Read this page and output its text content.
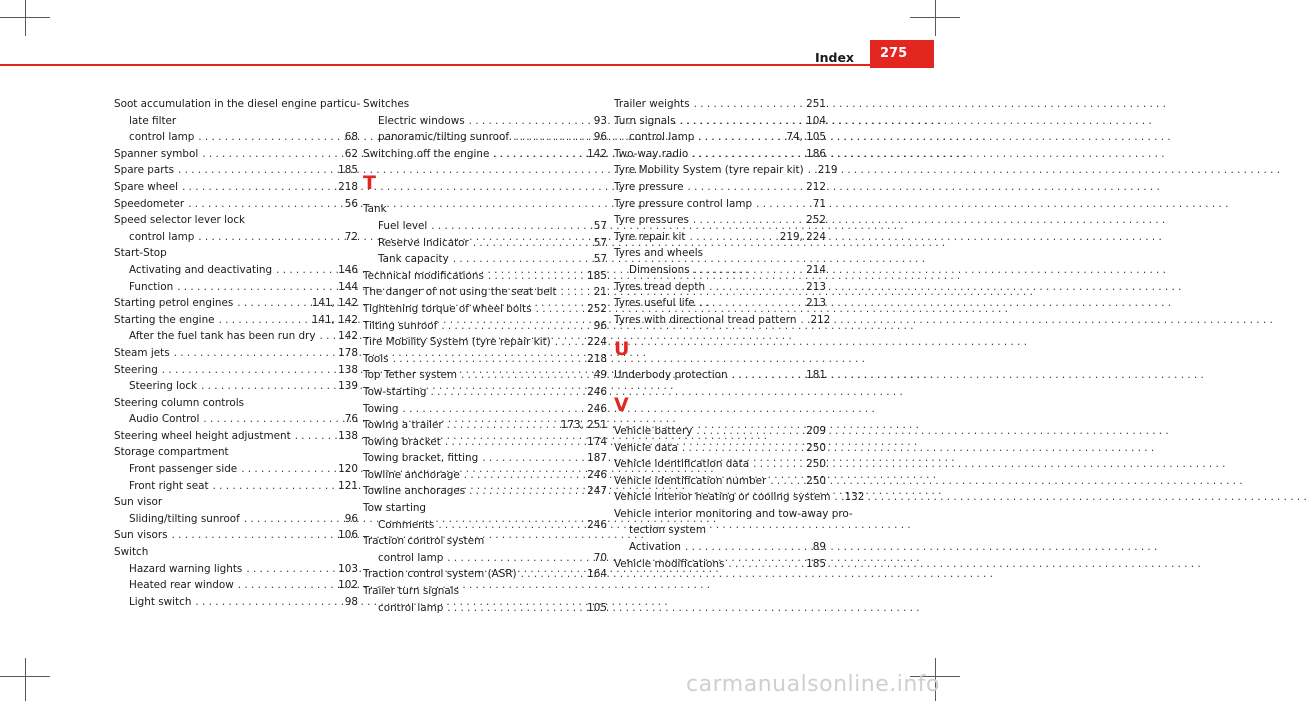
Index	275
Soot accumulation in the diesel engine particu-
late filter
control lamp . . .	68
Spanner symbol . . .	62
Spare parts . . .	185
Spare wheel . . .	218
Speedometer . . .	56
Speed selector lever lock
control lamp . . .	72
Start-Stop
Activating and deactivating . . .	146
Function . . .	144
Starting petrol engines . . .	141, 142
Starting the engine . . .	141, 142
After the fuel tank has been run dry . . .	142
Steam jets . . .	178
Steering . . .	138
Steering lock . . .	139
Steering column controls
Audio Control . . .	76
Steering wheel height adjustment . . .	138
Storage compartment
Front passenger side . . .	120
Front right seat . . .	121
Sun visor
Sliding/tilting sunroof . . .	96
Sun visors . . .	106
Switch
Hazard warning lights . . .	103
Heated rear window . . .	102
Light switch . . .	98
Switches
Electric windows . . .	93
panoramic/tilting sunroof . . .	96
Switching off the engine . . .	142
T
Tank
Fuel level . . .	57
Reserve indicator . . .	57
Tank capacity . . .	57
Technical modifications . . .	185
The danger of not using the seat belt . . .	21
Tightening torque of wheel bolts . . .	252
Tilting sunroof . . .	96
Tire Mobility System (tyre repair kit) . . .	224
Tools . . .	218
Top Tether system . . .	49
Tow-starting . . .	246
Towing . . .	246
Towing a trailer . . .	173, 251
Towing bracket . . .	174
Towing bracket, fitting . . .	187
Towline anchorage . . .	246
Towline anchorages . . .	247
Tow starting
Comments . . .	246
Traction control system
control lamp . . .	70
Traction control system (ASR) . . .	164
Trailer turn signals
control lamp . . .	105
Trailer weights . . .	251
Turn signals . . .	104
control lamp . . .	74, 105
Two-way radio . . .	186
Tyre Mobility System (tyre repair kit) . . .	219
Tyre pressure . . .	212
Tyre pressure control lamp . . .	71
Tyre pressures . . .	252
Tyre repair kit . . .	219, 224
Tyres and wheels
Dimensions . . .	214
Tyres tread depth . . .	213
Tyres useful life . . .	213
Tyres with directional tread pattern . . .	212
U
Underbody protection . . .	181
V
Vehicle battery . . .	209
Vehicle data . . .	250
Vehicle identification data . . .	250
Vehicle identification number . . .	250
Vehicle interior heating or cooling system . . .	132
Vehicle interior monitoring and tow-away pro-
tection system
Activation . . .	89
Vehicle modifications . . .	185
carmanualsonline.info
